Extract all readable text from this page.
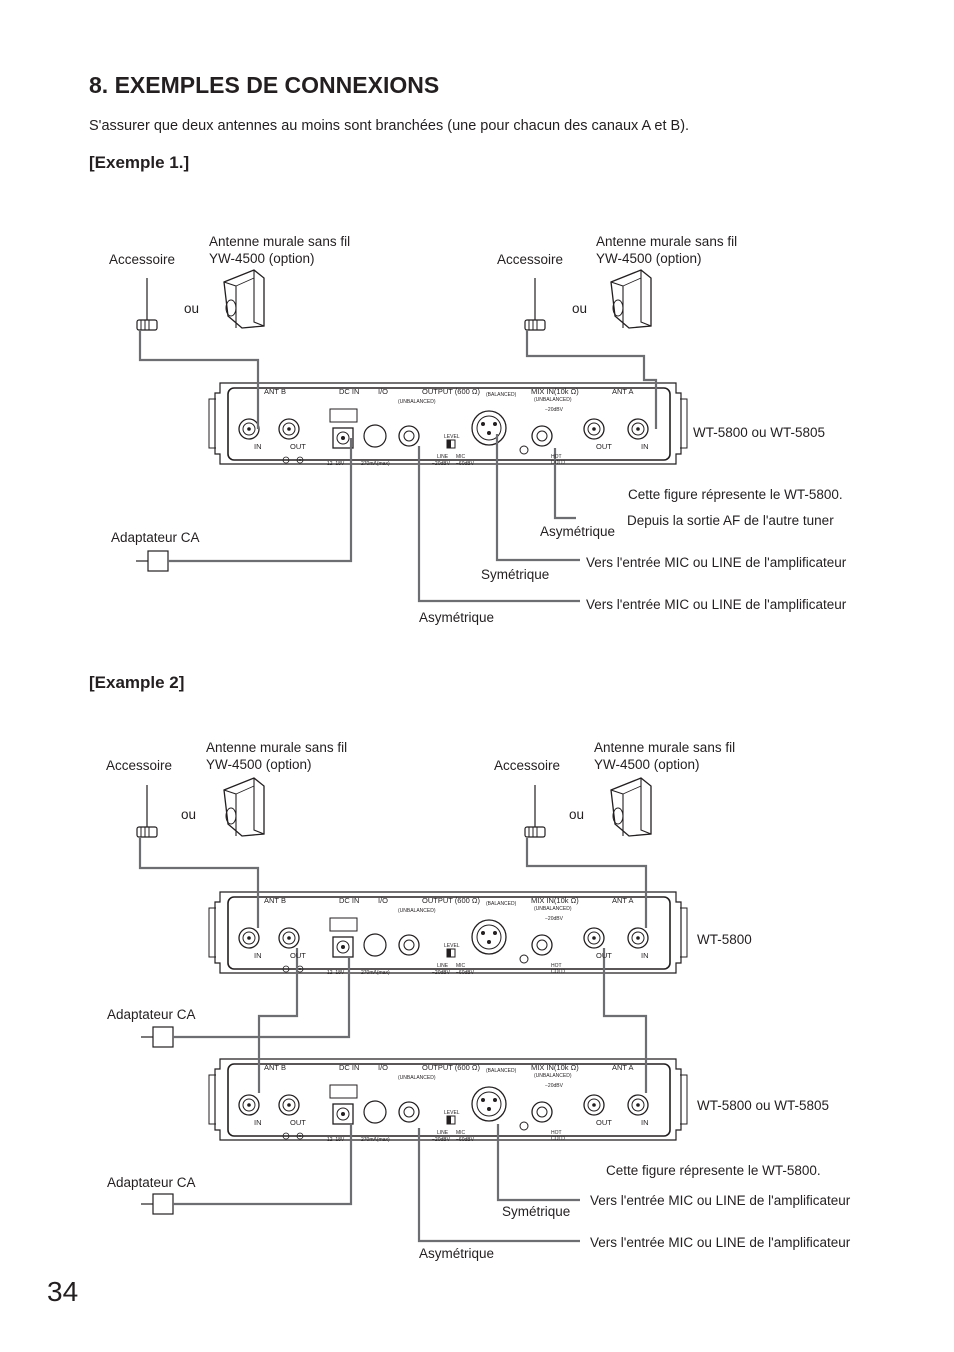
8. EXEMPLES DE CONNEXIONS
S'assurer que deux antennes au moins sont branchées (une pour chacun des canaux A et B).
[Exemple 1.]
[Example 2]
Accessoire
Antenne murale sans fil
YW-4500 (option)
ou
Accessoire
Antenne murale sans fil
YW-4500 (option)
ou
WT-5800 ou WT-5805
Cette figure répresente le WT-5800.
Depuis la sortie AF de l'autre tuner
Asymétrique
Adaptateur CA
Vers l'entrée MIC ou LINE de l'amplificateur
Symétrique
Vers l'entrée MIC ou LINE de l'amplificateur
Asymétrique
Accessoire
Antenne murale sans fil
YW-4500 (option)
ou
Accessoire
Antenne murale sans fil
YW-4500 (option)
ou
WT-5800
WT-5800 ou WT-5805
Adaptateur CA
Adaptateur CA
Cette figure répresente le WT-5800.
Vers l'entrée MIC ou LINE de l'amplificateur
Symétrique
Vers l'entrée MIC ou LINE de l'amplificateur
Asymétrique
34
ANT B	DC IN I/O	OUTPUT (600 Ω)
(UNBALANCED)
(BALANCED) MIX IN(10k Ω)
(UNBALANCED)
−20dBV
ANT A
IN	OUT	OUT	IN
LEVEL
LINE
−20dBV
MIC
−60dBV
HOT
COLD
12‒18V	270mA(max)
ANT B	DC IN I/O	OUTPUT (600 Ω)
(UNBALANCED)
(BALANCED) MIX IN(10k Ω)
(UNBALANCED)
−20dBV
ANT A
IN	OUT	OUT	IN
LEVEL
LINE
−20dBV
MIC
−60dBV
HOT
COLD
12‒18V	270mA(max)
ANT B	DC IN I/O	OUTPUT (600 Ω)
(UNBALANCED)
(BALANCED) MIX IN(10k Ω)
(UNBALANCED)
−20dBV
ANT A
IN	OUT	OUT	IN
LEVEL
LINE
−20dBV
MIC
−60dBV
HOT
COLD
12‒18V	270mA(max)
